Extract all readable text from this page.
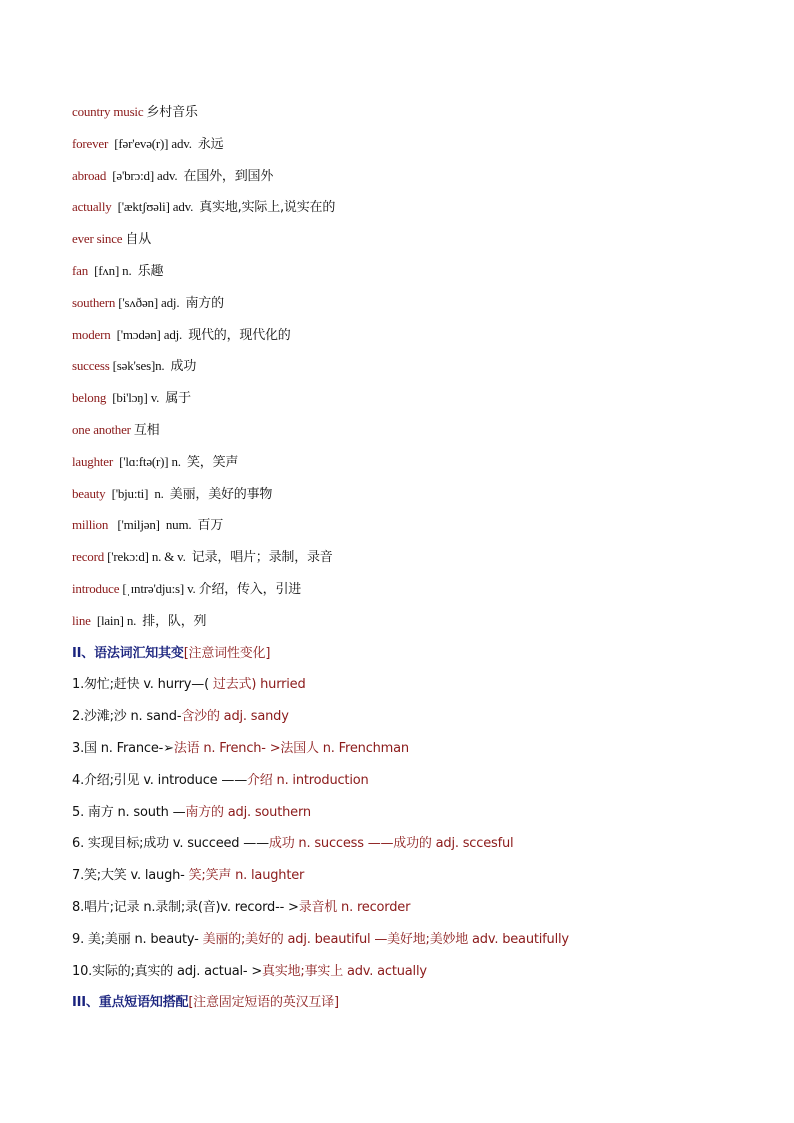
country music 乡村音乐
forever [fər'evə(r)] adv. 永远
abroad [ə'brɔ:d] adv. 在国外，到国外
actually ['æktʃʊəli] adv. 真实地,实际上,说实在的
ever since 自从
fan [fʌn] n. 乐趣
southern ['sʌðən] adj. 南方的
modern ['mɔdən] adj. 现代的，现代化的
success [sək'ses]n. 成功
belong [bi'lɔŋ] v. 属于
one another 互相
laughter ['lɑ:ftə(r)] n. 笑，笑声
beauty ['bju:ti] n. 美丽，美好的事物
million ['miljən] num. 百万
record ['rekɔ:d] n. & v. 记录，唱片；录制，录音
introduce [ˌɪntrə'dju:s] v. 介绍，传入，引进
line [lain] n. 排，队，列
II、语法词汇知其变[注意词性变化]
1.匆忙;赶快 v. hurry—( 过去式) hurried
2.沙滩;沙 n. sand-含沙的 adj. sandy
3.国 n. France-➢法语 n. French- >法国人 n. Frenchman
4.介绍;引见 v. introduce ——介绍 n. introduction
5. 南方 n. south —南方的 adj. southern
6. 实现目标;成功 v. succeed ——成功 n. success ——成功的 adj. sccesful
7.笑;大笑 v. laugh- 笑;笑声 n. laughter
8.唱片;记录 n.录制;录(音)v. record-- >录音机 n. recorder
9. 美;美丽 n. beauty- 美丽的;美好的 adj. beautiful —美好地;美妙地 adv. beautifully
10.实际的;真实的 adj. actual- >真实地;事实上 adv. actually
III、重点短语知搭配[注意固定短语的英汉互译]
